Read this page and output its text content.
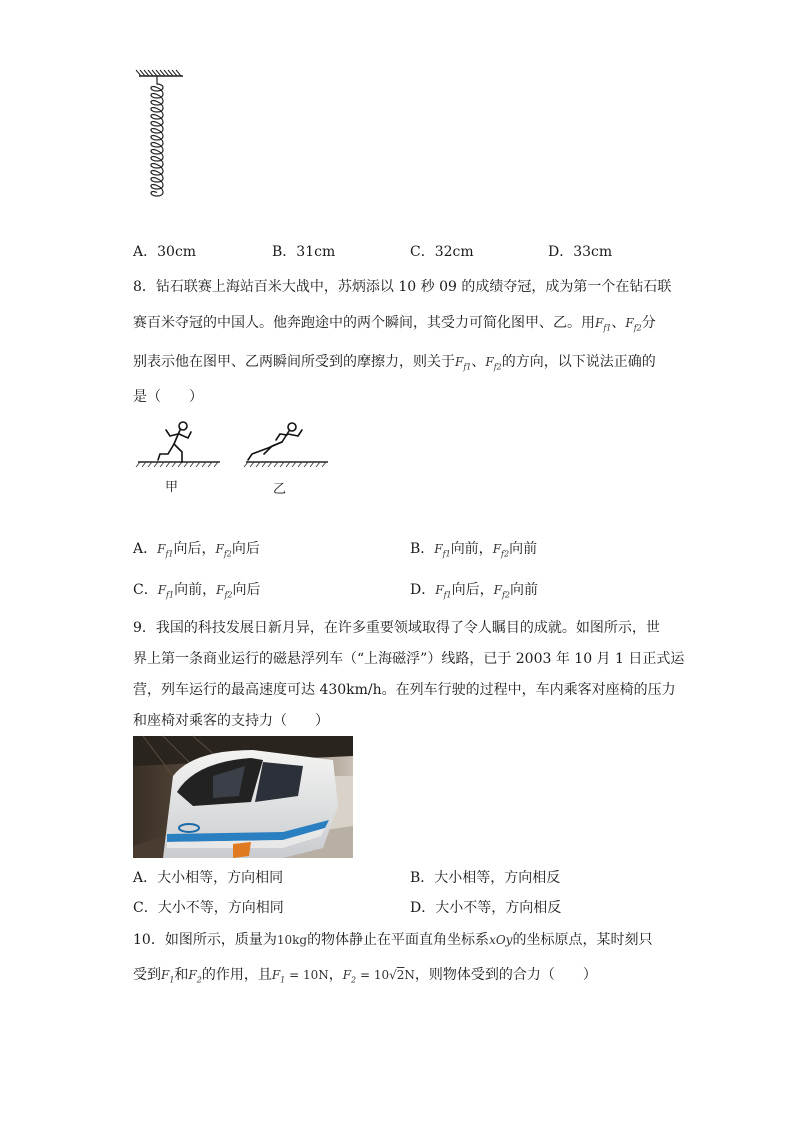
A．30cm	B．31cm	C．32cm	D．33cm
8．钻石联赛上海站百米大战中，苏炳添以 10 秒 09 的成绩夺冠，成为第一个在钻石联
赛百米夺冠的中国人。他奔跑途中的两个瞬间，其受力可简化图甲、乙。用$F_{f1}$、$F_{f2}$分
别表示他在图甲、乙两瞬间所受到的摩擦力，则关于$F_{f1}$、$F_{f2}$的方向，以下说法正确的
是（　　）
甲	乙
A．$F_{f1}$向后，$F_{f2}$向后	B．$F_{f1}$向前，$F_{f2}$向前
C．$F_{f1}$向前，$F_{f2}$向后	D．$F_{f1}$向后，$F_{f2}$向前
9．我国的科技发展日新月异，在许多重要领域取得了令人瞩目的成就。如图所示，世
界上第一条商业运行的磁悬浮列车（“上海磁浮”）线路，已于 2003 年 10 月 1 日正式运
营，列车运行的最高速度可达 430km/h。在列车行驶的过程中，车内乘客对座椅的压力
和座椅对乘客的支持力（　　）
A．大小相等，方向相同	B．大小相等，方向相反
C．大小不等，方向相同	D．大小不等，方向相反
10．如图所示，质量为10kg的物体静止在平面直角坐标系xOy的坐标原点，某时刻只
受到$F_1$和$F_2$的作用，且$F_1 = 10N$，$F_2 = 10√2N$，则物体受到的合力（　　）
